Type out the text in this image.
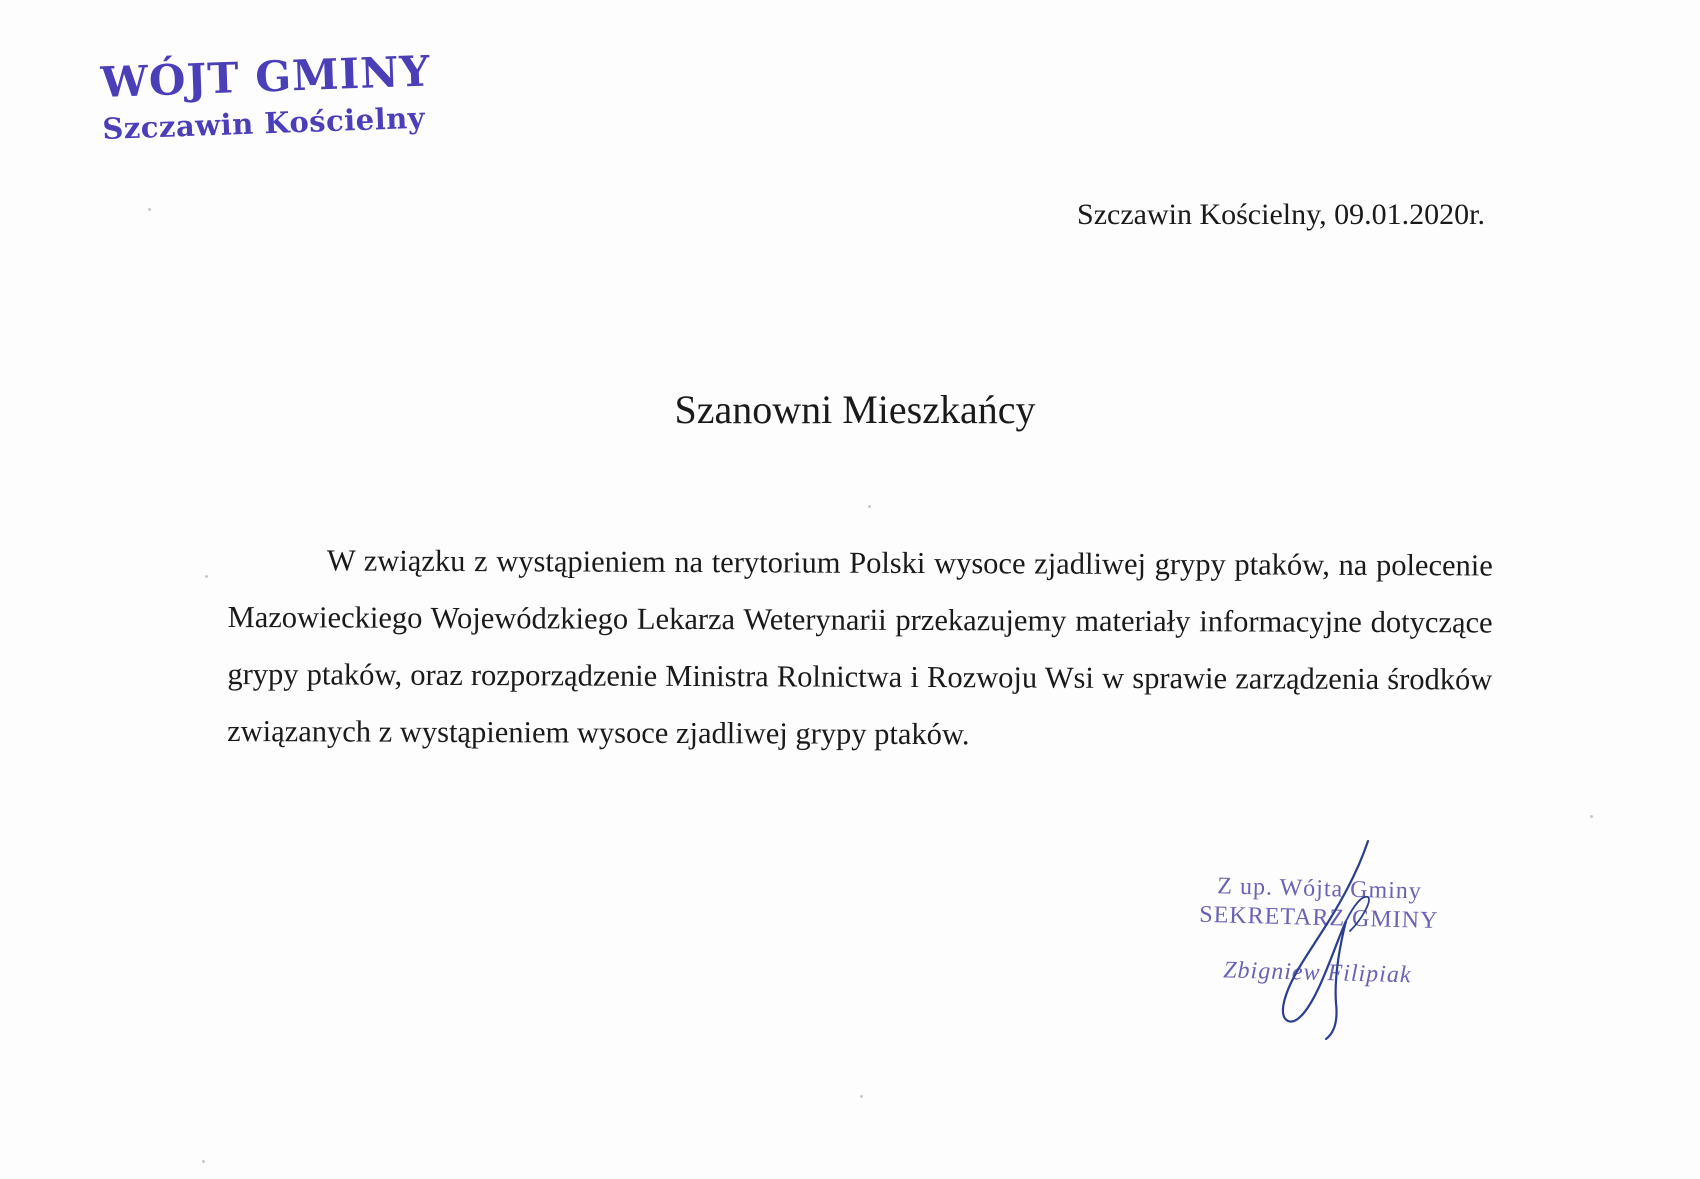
WÓJT GMINY
Szczawin Kościelny
Szczawin Kościelny, 09.01.2020r.
Szanowni Mieszkańcy
W związku z wystąpieniem na terytorium Polski wysoce zjadliwej grypy ptaków, na polecenie Mazowieckiego Wojewódzkiego Lekarza Weterynarii przekazujemy materiały informacyjne dotyczące grypy ptaków, oraz rozporządzenie Ministra Rolnictwa i Rozwoju Wsi w sprawie zarządzenia środków związanych z wystąpieniem wysoce zjadliwej grypy ptaków.
Z up. Wójta Gminy
SEKRETARZ GMINY
Zbigniew Filipiak
